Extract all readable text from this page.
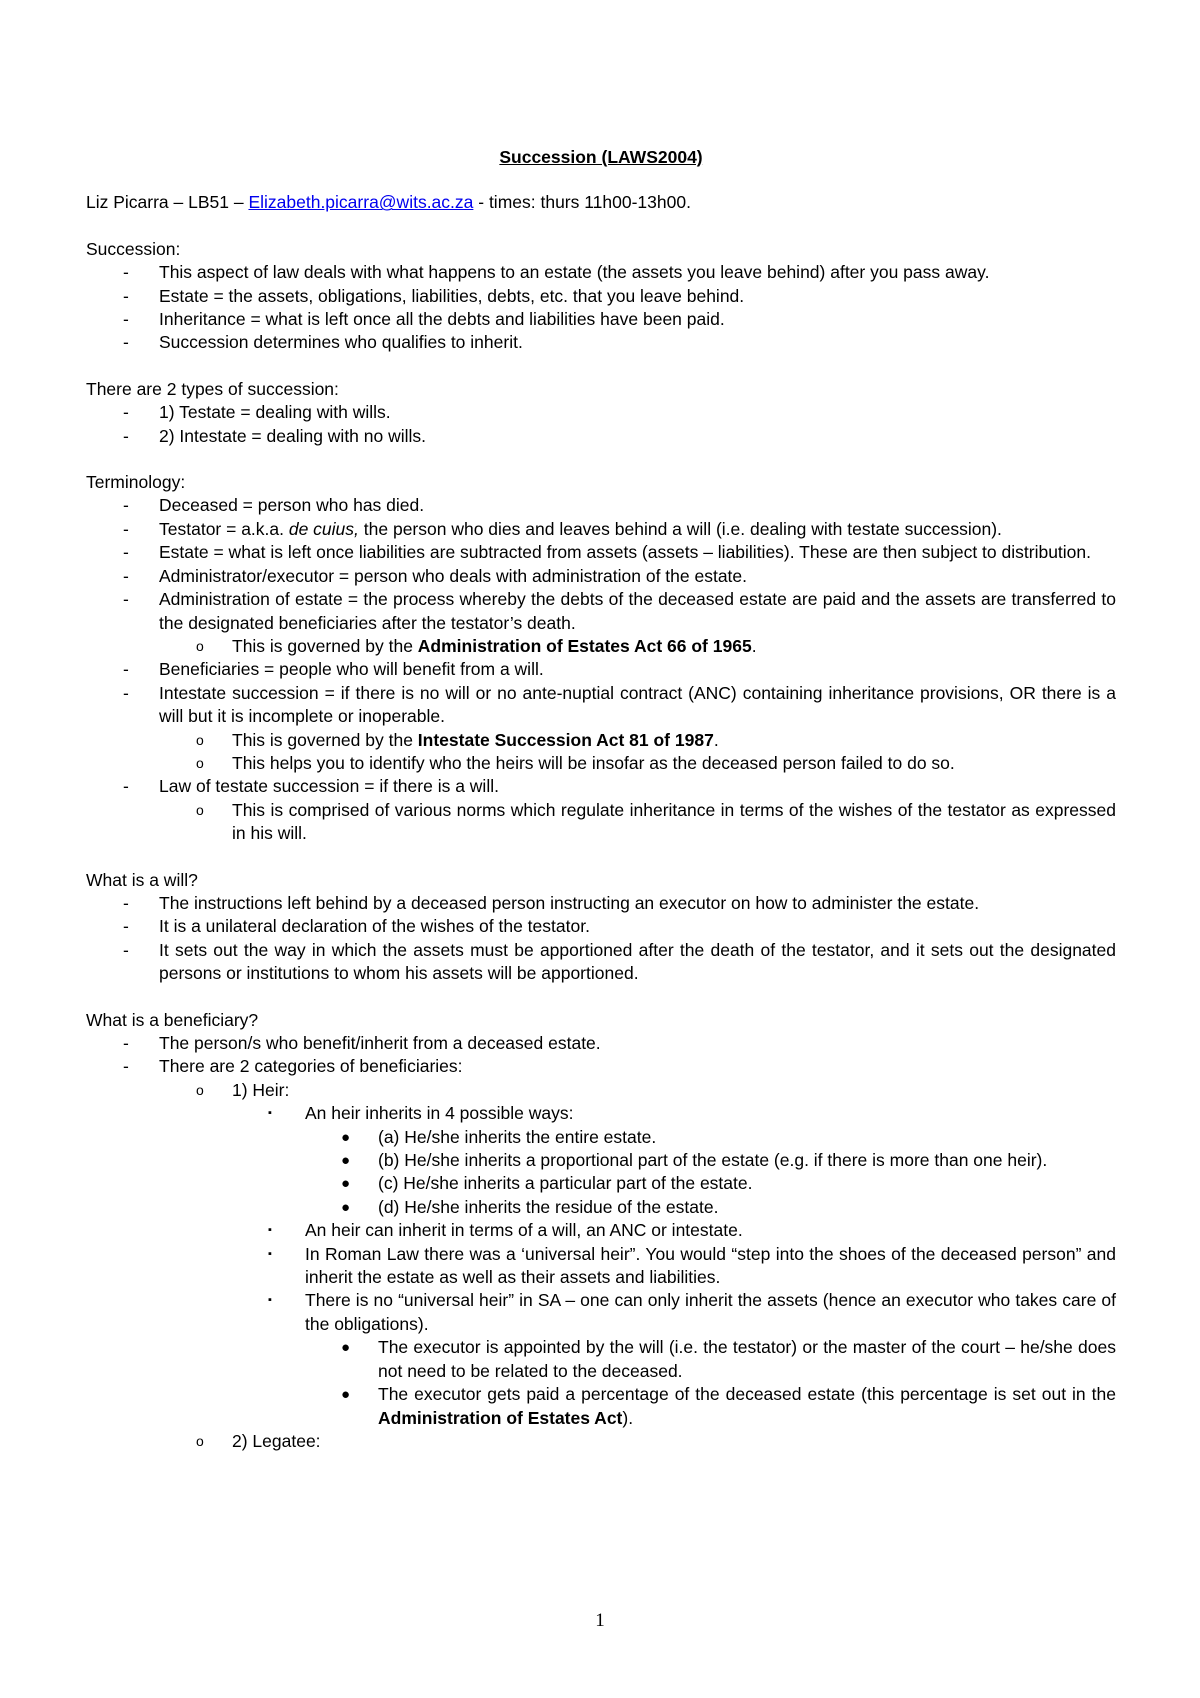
Succession (LAWS2004)

Liz Picarra – LB51 – Elizabeth.picarra@wits.ac.za - times: thurs 11h00-13h00.

Succession:

- This aspect of law deals with what happens to an estate (the assets you leave behind) after you pass away.
- Estate = the assets, obligations, liabilities, debts, etc. that you leave behind.
- Inheritance = what is left once all the debts and liabilities have been paid.
- Succession determines who qualifies to inherit.

There are 2 types of succession:

- 1) Testate = dealing with wills.
- 2) Intestate = dealing with no wills.

Terminology:

- Deceased = person who has died.
- Testator = a.k.a. de cuius, the person who dies and leaves behind a will (i.e. dealing with testate succession).
- Estate = what is left once liabilities are subtracted from assets (assets – liabilities). These are then subject to distribution.
- Administrator/executor = person who deals with administration of the estate.
- Administration of estate = the process whereby the debts of the deceased estate are paid and the assets are transferred to the designated beneficiaries after the testator’s death.
o This is governed by the Administration of Estates Act 66 of 1965.
- Beneficiaries = people who will benefit from a will.
- Intestate succession = if there is no will or no ante-nuptial contract (ANC) containing inheritance provisions, OR there is a will but it is incomplete or inoperable.
o This is governed by the Intestate Succession Act 81 of 1987.
o This helps you to identify who the heirs will be insofar as the deceased person failed to do so.
- Law of testate succession = if there is a will.
o This is comprised of various norms which regulate inheritance in terms of the wishes of the testator as expressed in his will.

What is a will?

- The instructions left behind by a deceased person instructing an executor on how to administer the estate.
- It is a unilateral declaration of the wishes of the testator.
- It sets out the way in which the assets must be apportioned after the death of the testator, and it sets out the designated persons or institutions to whom his assets will be apportioned.

What is a beneficiary?

- The person/s who benefit/inherit from a deceased estate.
- There are 2 categories of beneficiaries:
o 1) Heir:
▪ An heir inherits in 4 possible ways:
● (a) He/she inherits the entire estate.
● (b) He/she inherits a proportional part of the estate (e.g. if there is more than one heir).
● (c) He/she inherits a particular part of the estate.
● (d) He/she inherits the residue of the estate.
▪ An heir can inherit in terms of a will, an ANC or intestate.
▪ In Roman Law there was a ‘universal heir”. You would “step into the shoes of the deceased person” and inherit the estate as well as their assets and liabilities.
▪ There is no “universal heir” in SA – one can only inherit the assets (hence an executor who takes care of the obligations).
● The executor is appointed by the will (i.e. the testator) or the master of the court – he/she does not need to be related to the deceased.
● The executor gets paid a percentage of the deceased estate (this percentage is set out in the Administration of Estates Act).
o 2) Legatee:
1
